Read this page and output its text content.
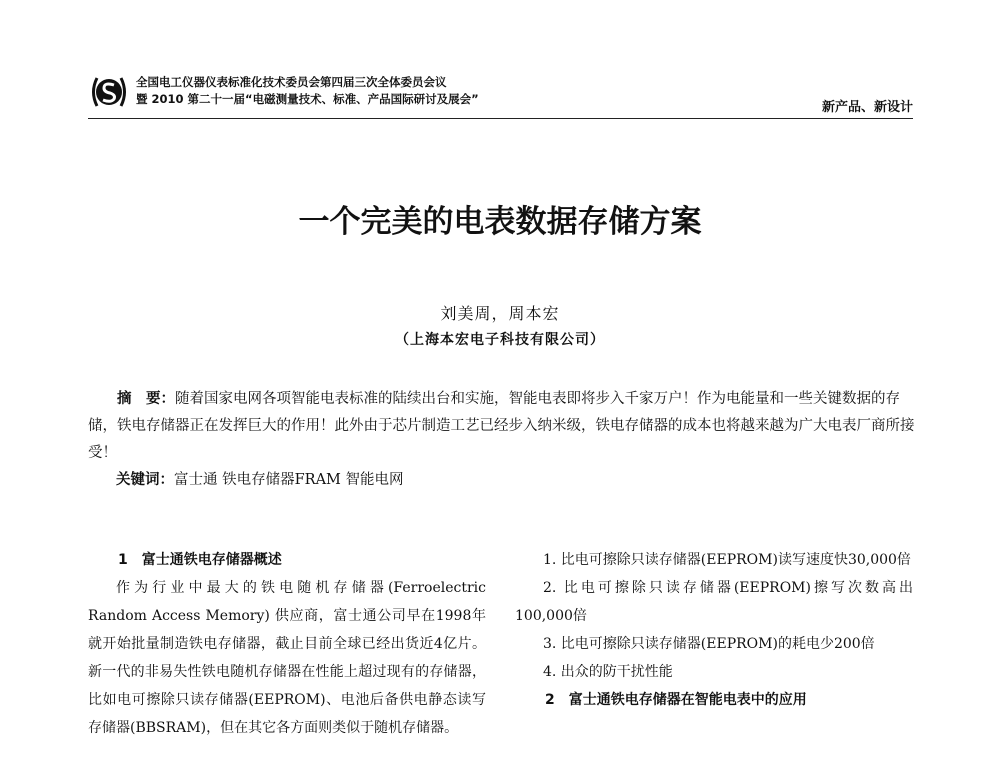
全国电工仪器仪表标准化技术委员会第四届三次全体委员会议
暨 2010 第二十一届“电磁测量技术、标准、产品国际研讨及展会”
新产品、新设计
一个完美的电表数据存储方案
刘美周，周本宏
（上海本宏电子科技有限公司）
摘　要：随着国家电网各项智能电表标准的陆续出台和实施，智能电表即将步入千家万户！作为电能量和一些关键数据的存储，铁电存储器正在发挥巨大的作用！此外由于芯片制造工艺已经步入纳米级，铁电存储器的成本也将越来越为广大电表厂商所接受！
关键词：富士通 铁电存储器FRAM 智能电网
1　富士通铁电存储器概述

作为行业中最大的铁电随机存储器(Ferroelectric Random Access Memory) 供应商，富士通公司早在1998年就开始批量制造铁电存储器，截止目前全球已经出货近4亿片。新一代的非易失性铁电随机存储器在性能上超过现有的存储器，比如电可擦除只读存储器(EEPROM)、电池后备供电静态读写存储器(BBSRAM)，但在其它各方面则类似于随机存储器。

1. 比电可擦除只读存储器(EEPROM)读写速度快30,000倍

2. 比电可擦除只读存储器(EEPROM)擦写次数高出100,000倍

3. 比电可擦除只读存储器(EEPROM)的耗电少200倍

4. 出众的防干扰性能

2　富士通铁电存储器在智能电表中的应用
